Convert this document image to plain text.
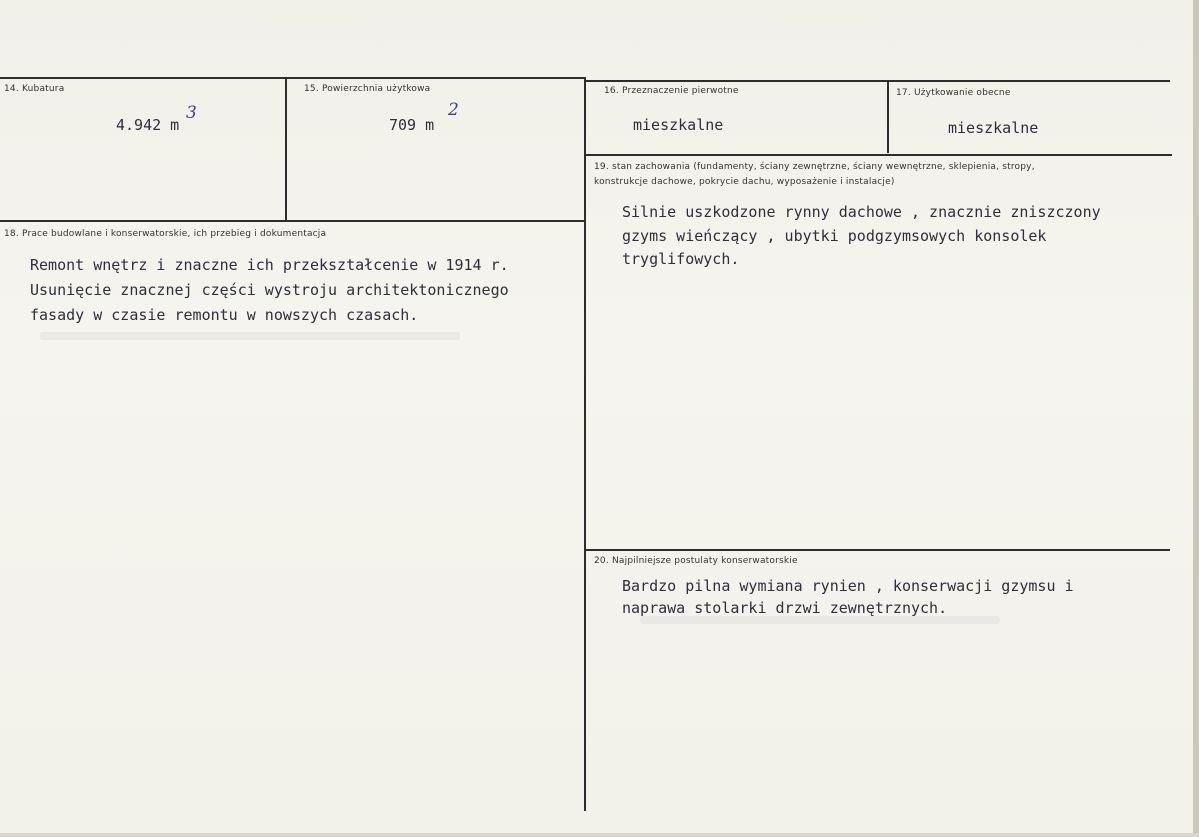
14. Kubatura
4.942 m
3
15. Powierzchnia użytkowa
709 m
2
16. Przeznaczenie pierwotne
mieszkalne
17. Użytkowanie obecne
mieszkalne
18. Prace budowlane i konserwatorskie, ich przebieg i dokumentacja
Remont wnętrz i znaczne ich przekształcenie w 1914 r.
Usunięcie znacznej części wystroju architektonicznego
fasady w czasie remontu w nowszych czasach.
19. stan zachowania (fundamenty, ściany zewnętrzne, ściany wewnętrzne, sklepienia, stropy,
konstrukcje dachowe, pokrycie dachu, wyposażenie i instalacje)
Silnie uszkodzone rynny dachowe , znacznie zniszczony
gzyms wieńczący , ubytki podgzymsowych konsolek
tryglifowych.
20. Najpilniejsze postulaty konserwatorskie
Bardzo pilna wymiana rynien , konserwacji gzymsu i
naprawa stolarki drzwi zewnętrznych.
